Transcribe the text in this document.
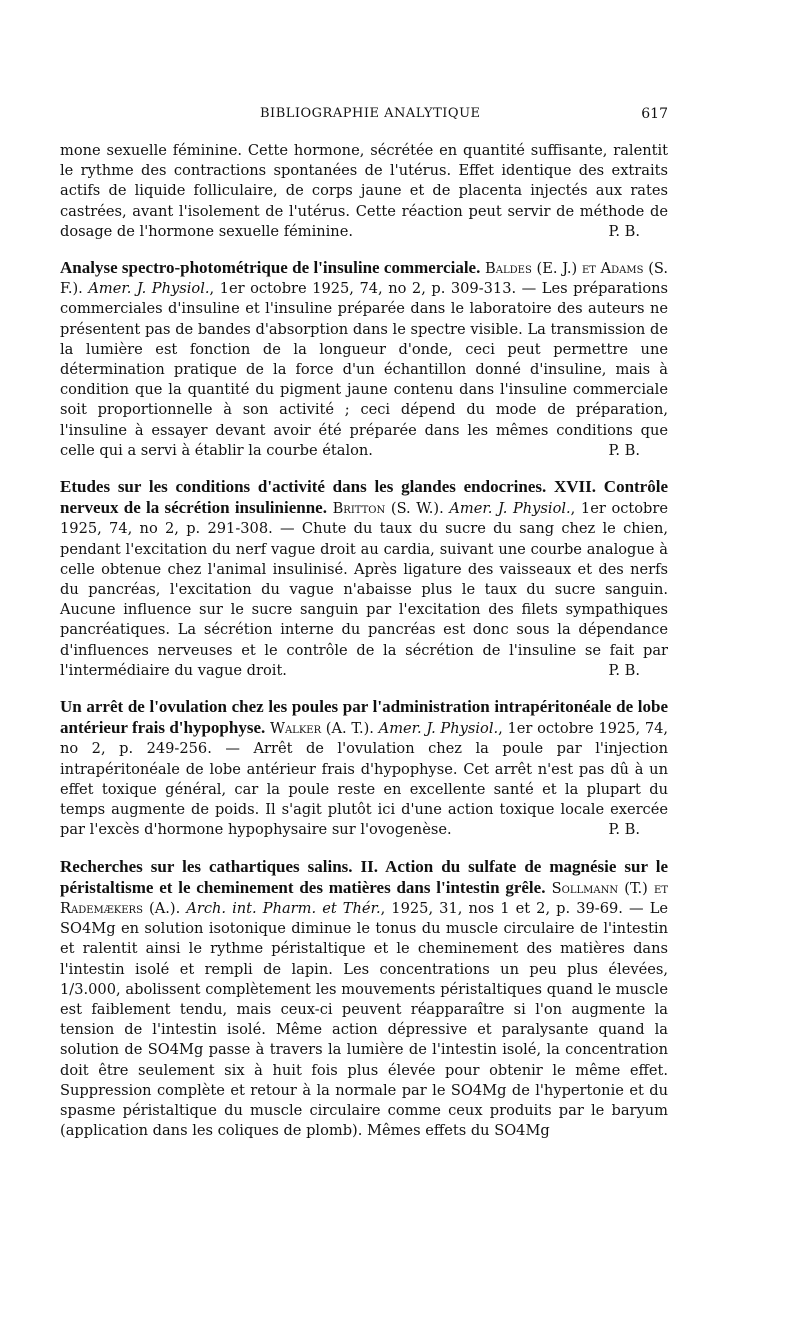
BIBLIOGRAPHIE ANALYTIQUE	617

mone sexuelle féminine. Cette hormone, sécrétée en quantité suffisante, ralentit le rythme des contractions spontanées de l'utérus. Effet identique des extraits actifs de liquide folliculaire, de corps jaune et de placenta injectés aux rates castrées, avant l'isolement de l'utérus. Cette réaction peut servir de méthode de dosage de l'hormone sexuelle féminine.	P. B.

Analyse spectro-photométrique de l'insuline commerciale. Baldes (E. J.) et Adams (S. F.). Amer. J. Physiol., 1er octobre 1925, 74, no 2, p. 309-313. — Les préparations commerciales d'insuline et l'insuline préparée dans le laboratoire des auteurs ne présentent pas de bandes d'absorption dans le spectre visible. La transmission de la lumière est fonction de la longueur d'onde, ceci peut permettre une détermination pratique de la force d'un échantillon donné d'insuline, mais à condition que la quantité du pigment jaune contenu dans l'insuline commerciale soit proportionnelle à son activité ; ceci dépend du mode de préparation, l'insuline à essayer devant avoir été préparée dans les mêmes conditions que celle qui a servi à établir la courbe étalon.	P. B.

Etudes sur les conditions d'activité dans les glandes endocrines. XVII. Contrôle nerveux de la sécrétion insulinienne. Britton (S. W.). Amer. J. Physiol., 1er octobre 1925, 74, no 2, p. 291-308. — Chute du taux du sucre du sang chez le chien, pendant l'excitation du nerf vague droit au cardia, suivant une courbe analogue à celle obtenue chez l'animal insulinisé. Après ligature des vaisseaux et des nerfs du pancréas, l'excitation du vague n'abaisse plus le taux du sucre sanguin. Aucune influence sur le sucre sanguin par l'excitation des filets sympathiques pancréatiques. La sécrétion interne du pancréas est donc sous la dépendance d'influences nerveuses et le contrôle de la sécrétion de l'insuline se fait par l'intermédiaire du vague droit.	P. B.

Un arrêt de l'ovulation chez les poules par l'administration intrapéritonéale de lobe antérieur frais d'hypophyse. Walker (A. T.). Amer. J. Physiol., 1er octobre 1925, 74, no 2, p. 249-256. — Arrêt de l'ovulation chez la poule par l'injection intrapéritonéale de lobe antérieur frais d'hypophyse. Cet arrêt n'est pas dû à un effet toxique général, car la poule reste en excellente santé et la plupart du temps augmente de poids. Il s'agit plutôt ici d'une action toxique locale exercée par l'excès d'hormone hypophysaire sur l'ovogenèse.	P. B.

Recherches sur les cathartiques salins. II. Action du sulfate de magnésie sur le péristaltisme et le cheminement des matières dans l'intestin grêle. Sollmann (T.) et Rademækers (A.). Arch. int. Pharm. et Thér., 1925, 31, nos 1 et 2, p. 39-69. — Le SO4Mg en solution isotonique diminue le tonus du muscle circulaire de l'intestin et ralentit ainsi le rythme péristaltique et le cheminement des matières dans l'intestin isolé et rempli de lapin. Les concentrations un peu plus élevées, 1/3.000, abolissent complètement les mouvements péristaltiques quand le muscle est faiblement tendu, mais ceux-ci peuvent réapparaître si l'on augmente la tension de l'intestin isolé. Même action dépressive et paralysante quand la solution de SO4Mg passe à travers la lumière de l'intestin isolé, la concentration doit être seulement six à huit fois plus élevée pour obtenir le même effet. Suppression complète et retour à la normale par le SO4Mg de l'hypertonie et du spasme péristaltique du muscle circulaire comme ceux produits par le baryum (application dans les coliques de plomb). Mêmes effets du SO4Mg
